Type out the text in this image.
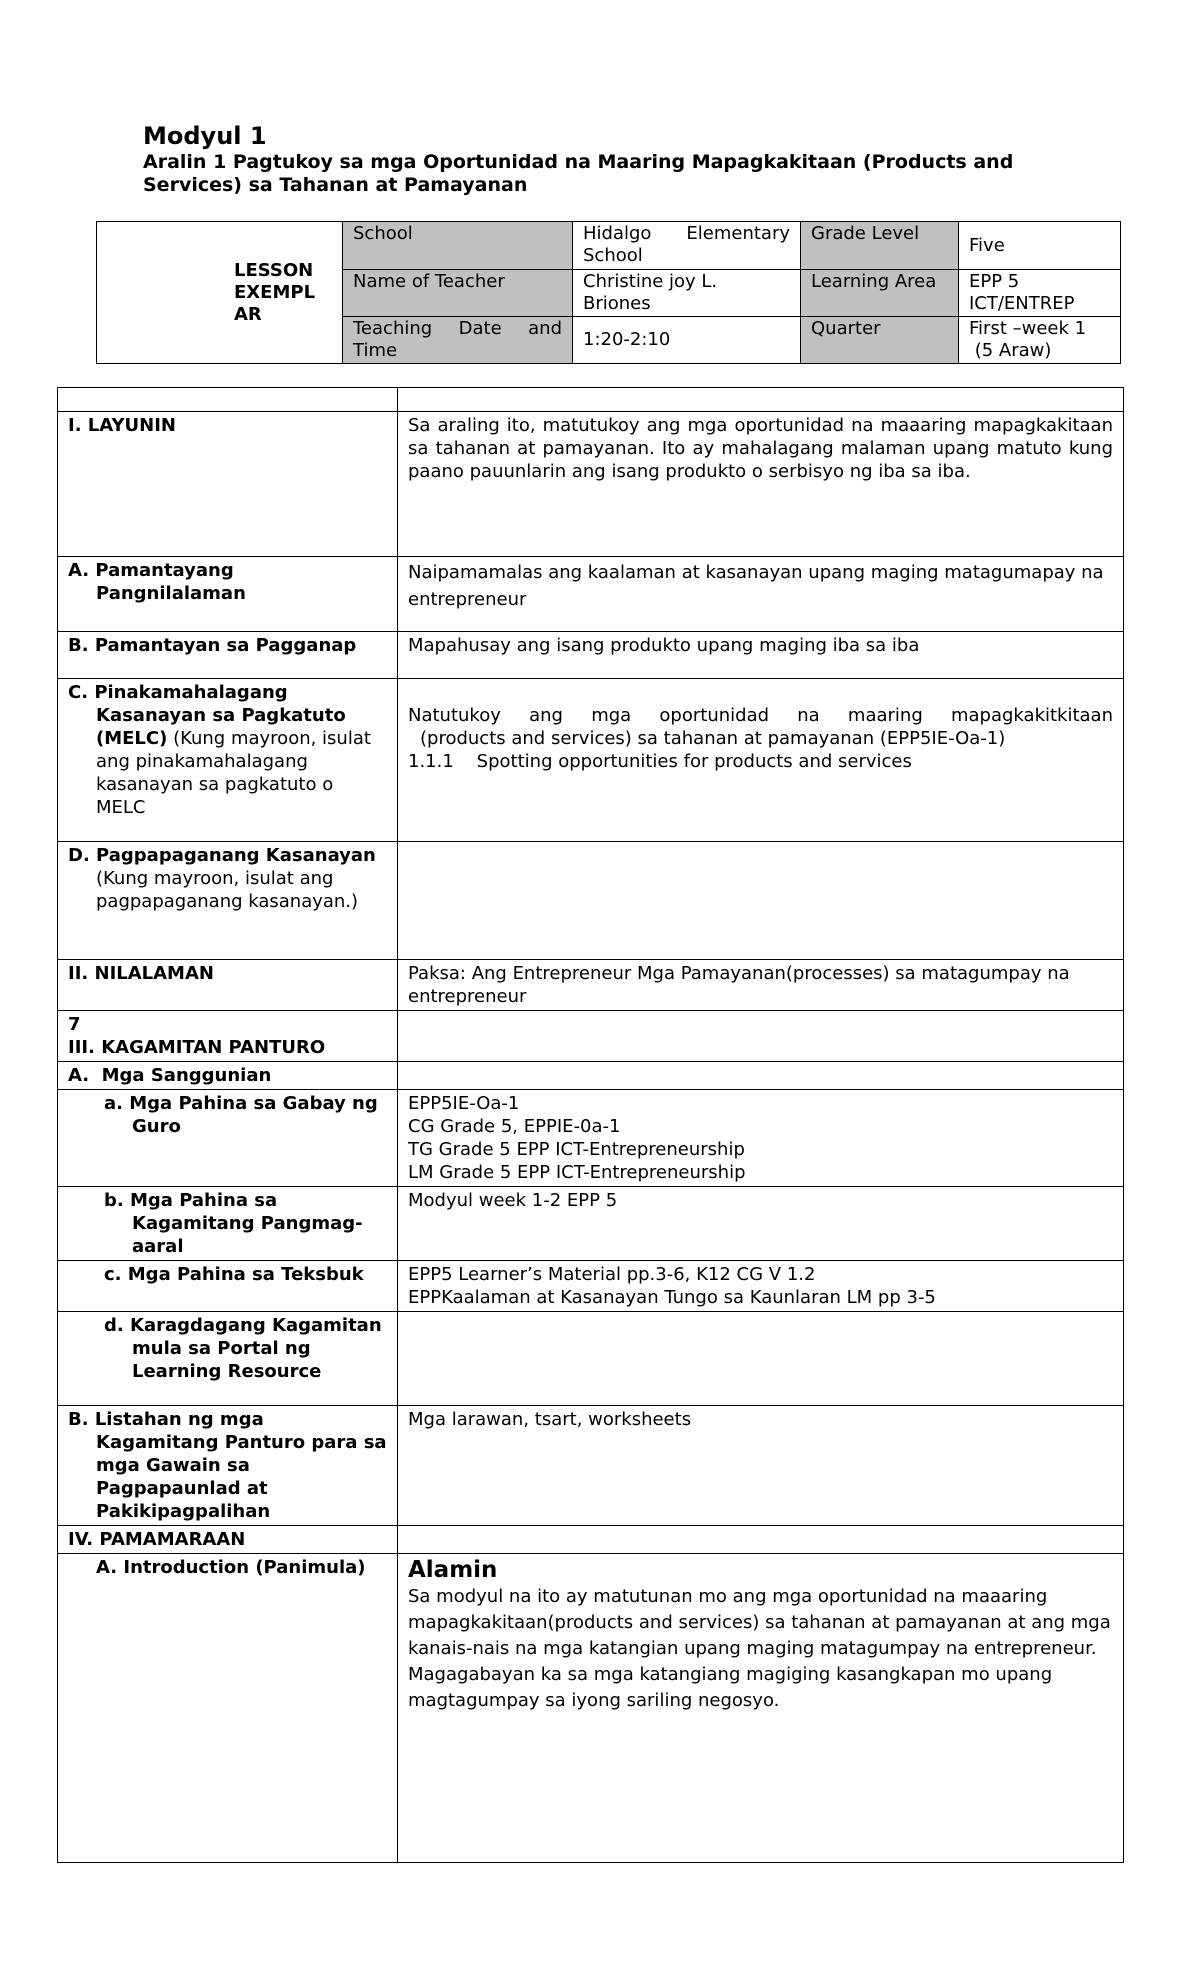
Modyul 1
Aralin 1 Pagtukoy sa mga Oportunidad na Maaring Mapagkakitaan (Products and Services) sa Tahanan at Pamayanan
LESSON EXEMPL AR	School	Hidalgo Elementary School	Grade Level	Five
	Name of Teacher	Christine joy L. Briones	Learning Area	EPP 5 ICT/ENTREP
	Teaching Date and Time	1:20-2:10	Quarter	First –week 1
(5 Araw)

I. LAYUNIN	Sa araling ito, matutukoy ang mga oportunidad na maaaring mapagkakitaan sa tahanan at pamayanan. Ito ay mahalagang malaman upang matuto kung paano pauunlarin ang isang produkto o serbisyo ng iba sa iba.

A. Pamantayang Pangnilalaman	Naipamamalas ang kaalaman at kasanayan upang maging matagumapay na entrepreneur

B. Pamantayan sa Pagganap	Mapahusay ang isang produkto upang maging iba sa iba

C. Pinakamahalagang Kasanayan sa Pagkatuto (MELC) (Kung mayroon, isulat ang pinakamahalagang kasanayan sa pagkatuto o MELC	Natutukoy ang mga oportunidad na maaring mapagkakitkitaan
(products and services) sa tahanan at pamayanan (EPP5IE-Oa-1)
1.1.1    Spotting opportunities for products and services

D. Pagpapaganang Kasanayan
(Kung mayroon, isulat ang pagpapaganang kasanayan.)	

II. NILALAMAN	Paksa: Ang Entrepreneur Mga Pamayanan(processes) sa matagumpay na entrepreneur

7
III. KAGAMITAN PANTURO	

A.  Mga Sanggunian	

a. Mga Pahina sa Gabay ng Guro	EPP5IE-Oa-1
CG Grade 5, EPPIE-0a-1
TG Grade 5 EPP ICT-Entrepreneurship
LM Grade 5 EPP ICT-Entrepreneurship

b. Mga Pahina sa Kagamitang Pangmag-aaral	Modyul week 1-2 EPP 5

c. Mga Pahina sa Teksbuk	EPP5 Learner’s Material pp.3-6, K12 CG V 1.2
EPPKaalaman at Kasanayan Tungo sa Kaunlaran LM pp 3-5

d. Karagdagang Kagamitan mula sa Portal ng Learning Resource	

B. Listahan ng mga Kagamitang Panturo para sa mga Gawain sa Pagpapaunlad at Pakikipagpalihan	Mga larawan, tsart, worksheets
IV. PAMAMARAAN	

A. Introduction (Panimula)	Alamin
Sa modyul na ito ay matutunan mo ang mga oportunidad na maaaring mapagkakitaan(products and services) sa tahanan at pamayanan at ang mga kanais-nais na mga katangian upang maging matagumpay na entrepreneur. Magagabayan ka sa mga katangiang magiging kasangkapan mo upang magtagumpay sa iyong sariling negosyo.
